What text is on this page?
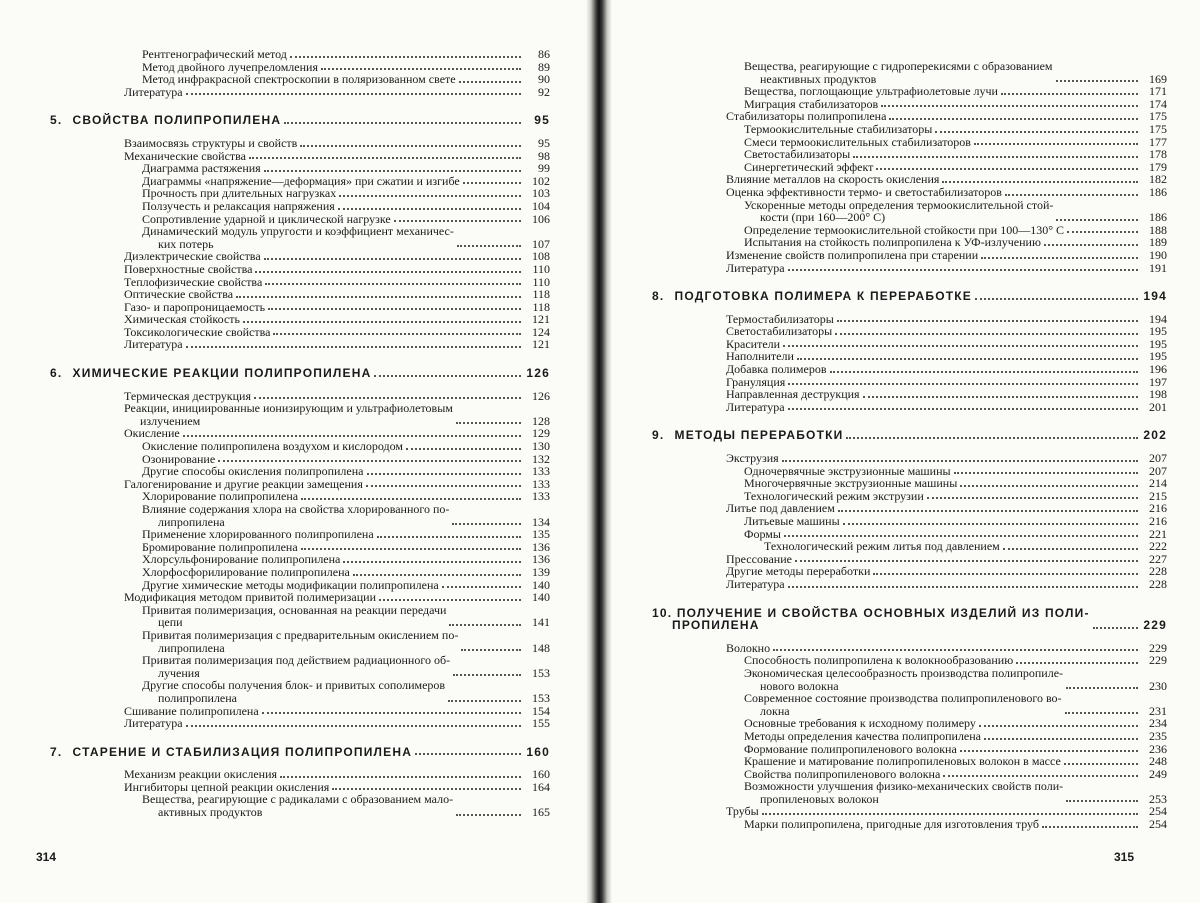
Рентгенографический метод	86
Метод двойного лучепреломления	89
Метод инфракрасной спектроскопии в поляризованном свете	90
Литература	92
5. СВОЙСТВА ПОЛИПРОПИЛЕНА	95
Взаимосвязь структуры и свойств	95
Механические свойства	98
Диаграмма растяжения	99
Диаграммы «напряжение—деформация» при сжатии и изгибе	102
Прочность при длительных нагрузках	103
Ползучесть и релаксация напряжения	104
Сопротивление ударной и циклической нагрузке	106
Динамический модуль упругости и коэффициент механичес-
ких потерь	107
Диэлектрические свойства	108
Поверхностные свойства	110
Теплофизические свойства	110
Оптические свойства	118
Газо- и паропроницаемость	118
Химическая стойкость	121
Токсикологические свойства	124
Литература	121
6. ХИМИЧЕСКИЕ РЕАКЦИИ ПОЛИПРОПИЛЕНА	126
Термическая деструкция	126
Реакции, инициированные ионизирующим и ультрафиолетовым
излучением	128
Окисление	129
Окисление полипропилена воздухом и кислородом	130
Озонирование	132
Другие способы окисления полипропилена	133
Галогенирование и другие реакции замещения	133
Хлорирование полипропилена	133
Влияние содержания хлора на свойства хлорированного по-
липропилена	134
Применение хлорированного полипропилена	135
Бромирование полипропилена	136
Хлорсульфонирование полипропилена	136
Хлорфосфорилирование полипропилена	139
Другие химические методы модификации полипропилена	140
Модификация методом привитой полимеризации	140
Привитая полимеризация, основанная на реакции передачи
цепи	141
Привитая полимеризация с предварительным окислением по-
липропилена	148
Привитая полимеризация под действием радиационного об-
лучения	153
Другие способы получения блок- и привитых сополимеров
полипропилена	153
Сшивание полипропилена	154
Литература	155
7. СТАРЕНИЕ И СТАБИЛИЗАЦИЯ ПОЛИПРОПИЛЕНА	160
Механизм реакции окисления	160
Ингибиторы цепной реакции окисления	164
Вещества, реагирующие с радикалами с образованием мало-
активных продуктов	165
314
Вещества, реагирующие с гидроперекисями с образованием
неактивных продуктов	169
Вещества, поглощающие ультрафиолетовые лучи	171
Миграция стабилизаторов	174
Стабилизаторы полипропилена	175
Термоокислительные стабилизаторы	175
Смеси термоокислительных стабилизаторов	177
Светостабилизаторы	178
Синергетический эффект	179
Влияние металлов на скорость окисления	182
Оценка эффективности термо- и светостабилизаторов	186
Ускоренные методы определения термоокислительной стой-
кости (при 160—200° С)	186
Определение термоокислительной стойкости при 100—130° С	188
Испытания на стойкость полипропилена к УФ-излучению	189
Изменение свойств полипропилена при старении	190
Литература	191
8. ПОДГОТОВКА ПОЛИМЕРА К ПЕРЕРАБОТКЕ	194
Термостабилизаторы	194
Светостабилизаторы	195
Красители	195
Наполнители	195
Добавка полимеров	196
Грануляция	197
Направленная деструкция	198
Литература	201
9. МЕТОДЫ ПЕРЕРАБОТКИ	202
Экструзия	207
Одночервячные экструзионные машины	207
Многочервячные экструзионные машины	214
Технологический режим экструзии	215
Литье под давлением	216
Литьевые машины	216
Формы	221
Технологический режим литья под давлением	222
Прессование	227
Другие методы переработки	228
Литература	228
10. ПОЛУЧЕНИЕ И СВОЙСТВА ОСНОВНЫХ ИЗДЕЛИЙ ИЗ ПОЛИ-
ПРОПИЛЕНА	229
Волокно	229
Способность полипропилена к волокнообразованию	229
Экономическая целесообразность производства полипропиле-
нового волокна	230
Современное состояние производства полипропиленового во-
локна	231
Основные требования к исходному полимеру	234
Методы определения качества полипропилена	235
Формование полипропиленового волокна	236
Крашение и матирование полипропиленовых волокон в массе	248
Свойства полипропиленового волокна	249
Возможности улучшения физико-механических свойств поли-
пропиленовых волокон	253
Трубы	254
Марки полипропилена, пригодные для изготовления труб	254
315
